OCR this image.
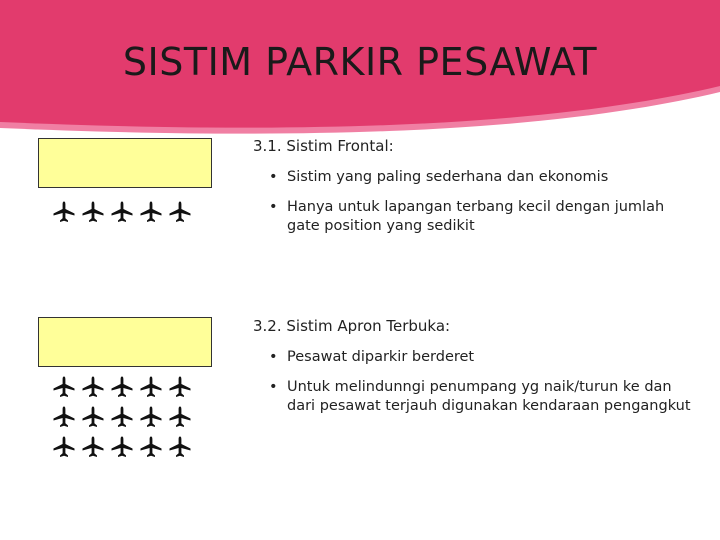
SISTIM PARKIR PESAWAT
3.1. Sistim Frontal:
• Sistim yang paling sederhana dan ekonomis
• Hanya untuk lapangan terbang kecil dengan jumlah gate position yang sedikit
3.2. Sistim Apron Terbuka:
• Pesawat diparkir berderet
• Untuk melindunngi penumpang yg naik/turun ke dan dari pesawat terjauh digunakan kendaraan pengangkut
